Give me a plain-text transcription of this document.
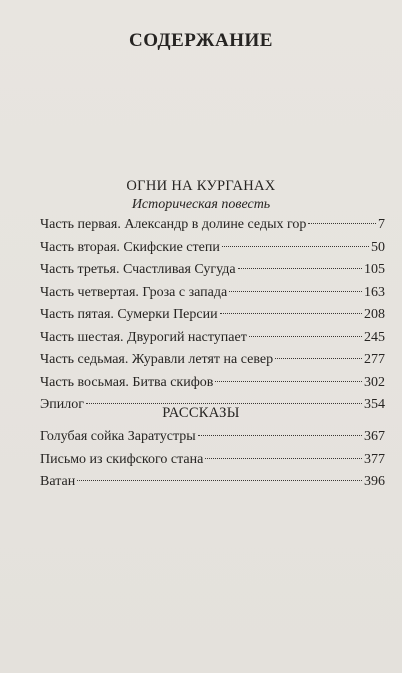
СОДЕРЖАНИЕ
ОГНИ НА КУРГАНАХ
Историческая повесть
Часть первая. Александр в долине седых гор	7
Часть вторая. Скифские степи	50
Часть третья. Счастливая Сугуда	105
Часть четвертая. Гроза с запада	163
Часть пятая. Сумерки Персии	208
Часть шестая. Двурогий наступает	245
Часть седьмая. Журавли летят на север	277
Часть восьмая. Битва скифов	302
Эпилог	354
РАССКАЗЫ
Голубая сойка Заратустры	367
Письмо из скифского стана	377
Ватан	396
